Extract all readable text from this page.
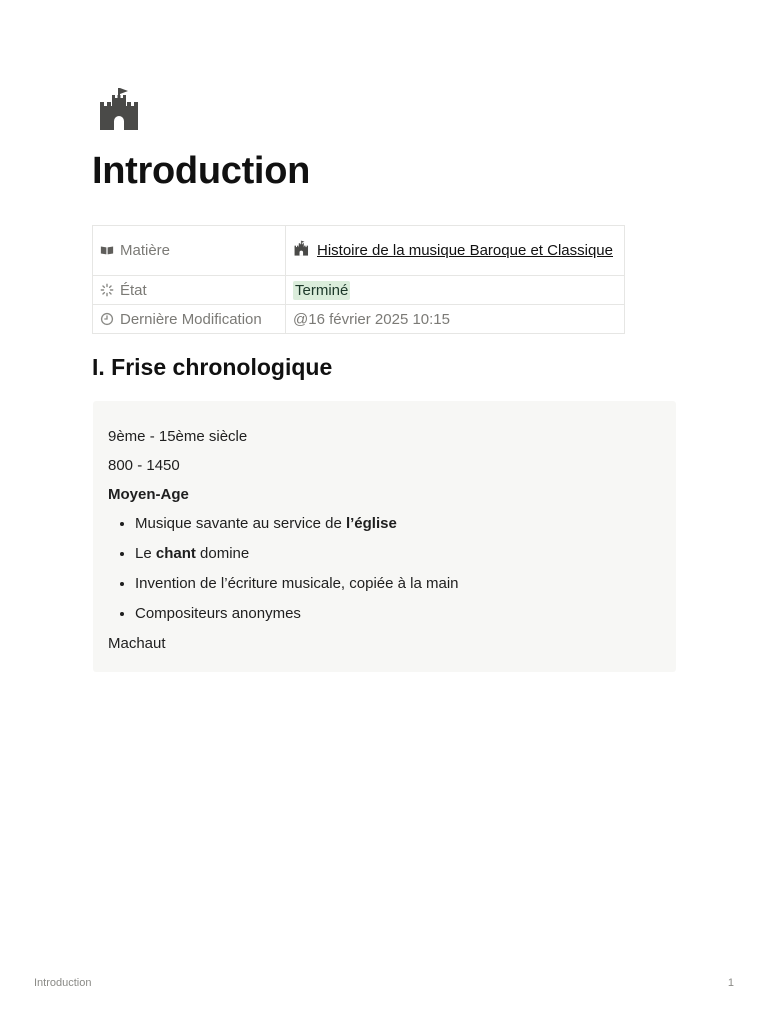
Introduction
Matière	Histoire de la musique Baroque et Classique
État	Terminé
Dernière Modification	@16 février 2025 10:15
I. Frise chronologique

9ème - 15ème siècle

800 - 1450

Moyen-Age

• Musique savante au service de l’église
• Le chant domine
• Invention de l’écriture musicale, copiée à la main
• Compositeurs anonymes

Machaut

Introduction	1
